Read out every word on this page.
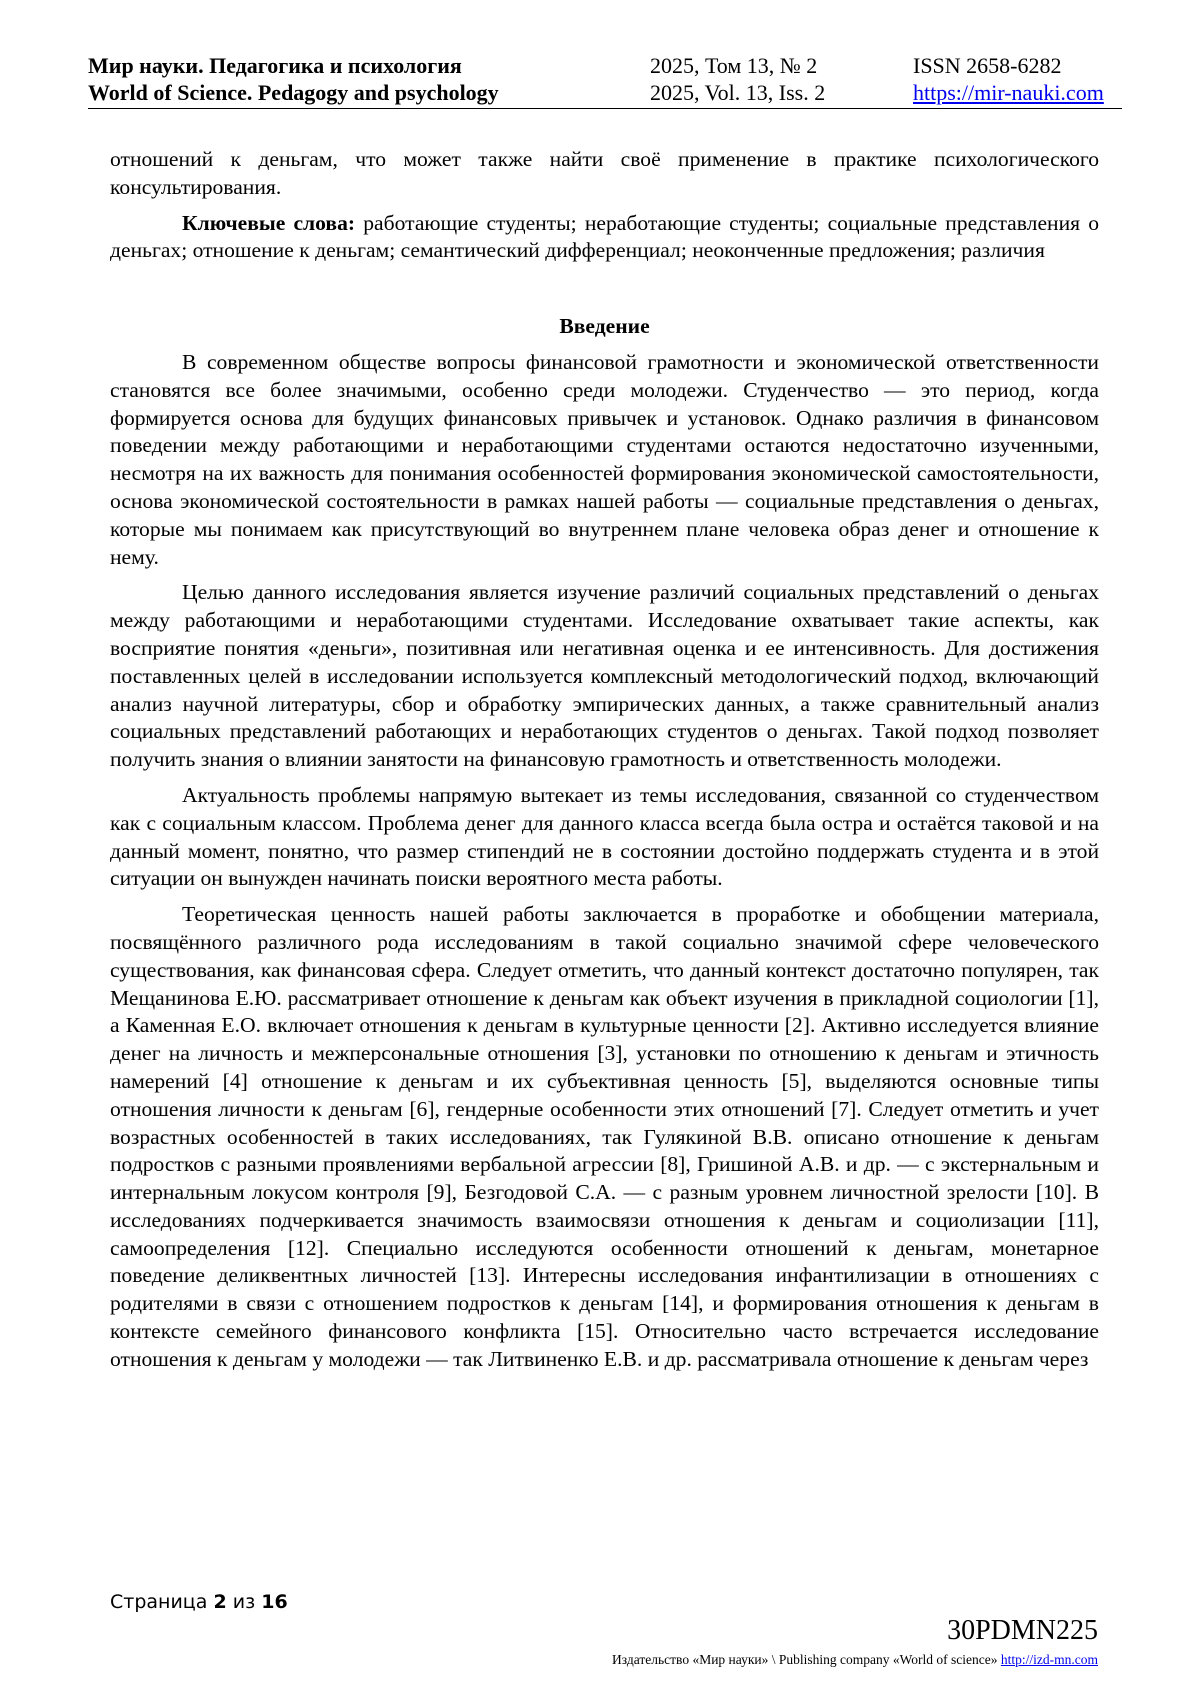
Мир науки. Педагогика и психология
World of Science. Pedagogy and psychology
2025, Том 13, № 2
2025, Vol. 13, Iss. 2
ISSN 2658-6282
https://mir-nauki.com

отношений к деньгам, что может также найти своё применение в практике психологического консультирования.

Ключевые слова: работающие студенты; неработающие студенты; социальные представления о деньгах; отношение к деньгам; семантический дифференциал; неоконченные предложения; различия

Введение

В современном обществе вопросы финансовой грамотности и экономической ответственности становятся все более значимыми, особенно среди молодежи. Студенчество — это период, когда формируется основа для будущих финансовых привычек и установок. Однако различия в финансовом поведении между работающими и неработающими студентами остаются недостаточно изученными, несмотря на их важность для понимания особенностей формирования экономической самостоятельности, основа экономической состоятельности в рамках нашей работы — социальные представления о деньгах, которые мы понимаем как присутствующий во внутреннем плане человека образ денег и отношение к нему.

Целью данного исследования является изучение различий социальных представлений о деньгах между работающими и неработающими студентами. Исследование охватывает такие аспекты, как восприятие понятия «деньги», позитивная или негативная оценка и ее интенсивность. Для достижения поставленных целей в исследовании используется комплексный методологический подход, включающий анализ научной литературы, сбор и обработку эмпирических данных, а также сравнительный анализ социальных представлений работающих и неработающих студентов о деньгах. Такой подход позволяет получить знания о влиянии занятости на финансовую грамотность и ответственность молодежи.

Актуальность проблемы напрямую вытекает из темы исследования, связанной со студенчеством как с социальным классом. Проблема денег для данного класса всегда была остра и остаётся таковой и на данный момент, понятно, что размер стипендий не в состоянии достойно поддержать студента и в этой ситуации он вынужден начинать поиски вероятного места работы.

Теоретическая ценность нашей работы заключается в проработке и обобщении материала, посвящённого различного рода исследованиям в такой социально значимой сфере человеческого существования, как финансовая сфера. Следует отметить, что данный контекст достаточно популярен, так Мещанинова Е.Ю. рассматривает отношение к деньгам как объект изучения в прикладной социологии [1], а Каменная Е.О. включает отношения к деньгам в культурные ценности [2]. Активно исследуется влияние денег на личность и межперсональные отношения [3], установки по отношению к деньгам и этичность намерений [4] отношение к деньгам и их субъективная ценность [5], выделяются основные типы отношения личности к деньгам [6], гендерные особенности этих отношений [7]. Следует отметить и учет возрастных особенностей в таких исследованиях, так Гулякиной В.В. описано отношение к деньгам подростков с разными проявлениями вербальной агрессии [8], Гришиной А.В. и др. — с экстернальным и интернальным локусом контроля [9], Безгодовой С.А. — с разным уровнем личностной зрелости [10]. В исследованиях подчеркивается значимость взаимосвязи отношения к деньгам и социолизации [11], самоопределения [12]. Специально исследуются особенности отношений к деньгам, монетарное поведение деликвентных личностей [13]. Интересны исследования инфантилизации в отношениях с родителями в связи с отношением подростков к деньгам [14], и формирования отношения к деньгам в контексте семейного финансового конфликта [15]. Относительно часто встречается исследование отношения к деньгам у молодежи — так Литвиненко Е.В. и др. рассматривала отношение к деньгам через

Страница 2 из 16
30PDMN225
Издательство «Мир науки» \ Publishing company «World of science» http://izd-mn.com
